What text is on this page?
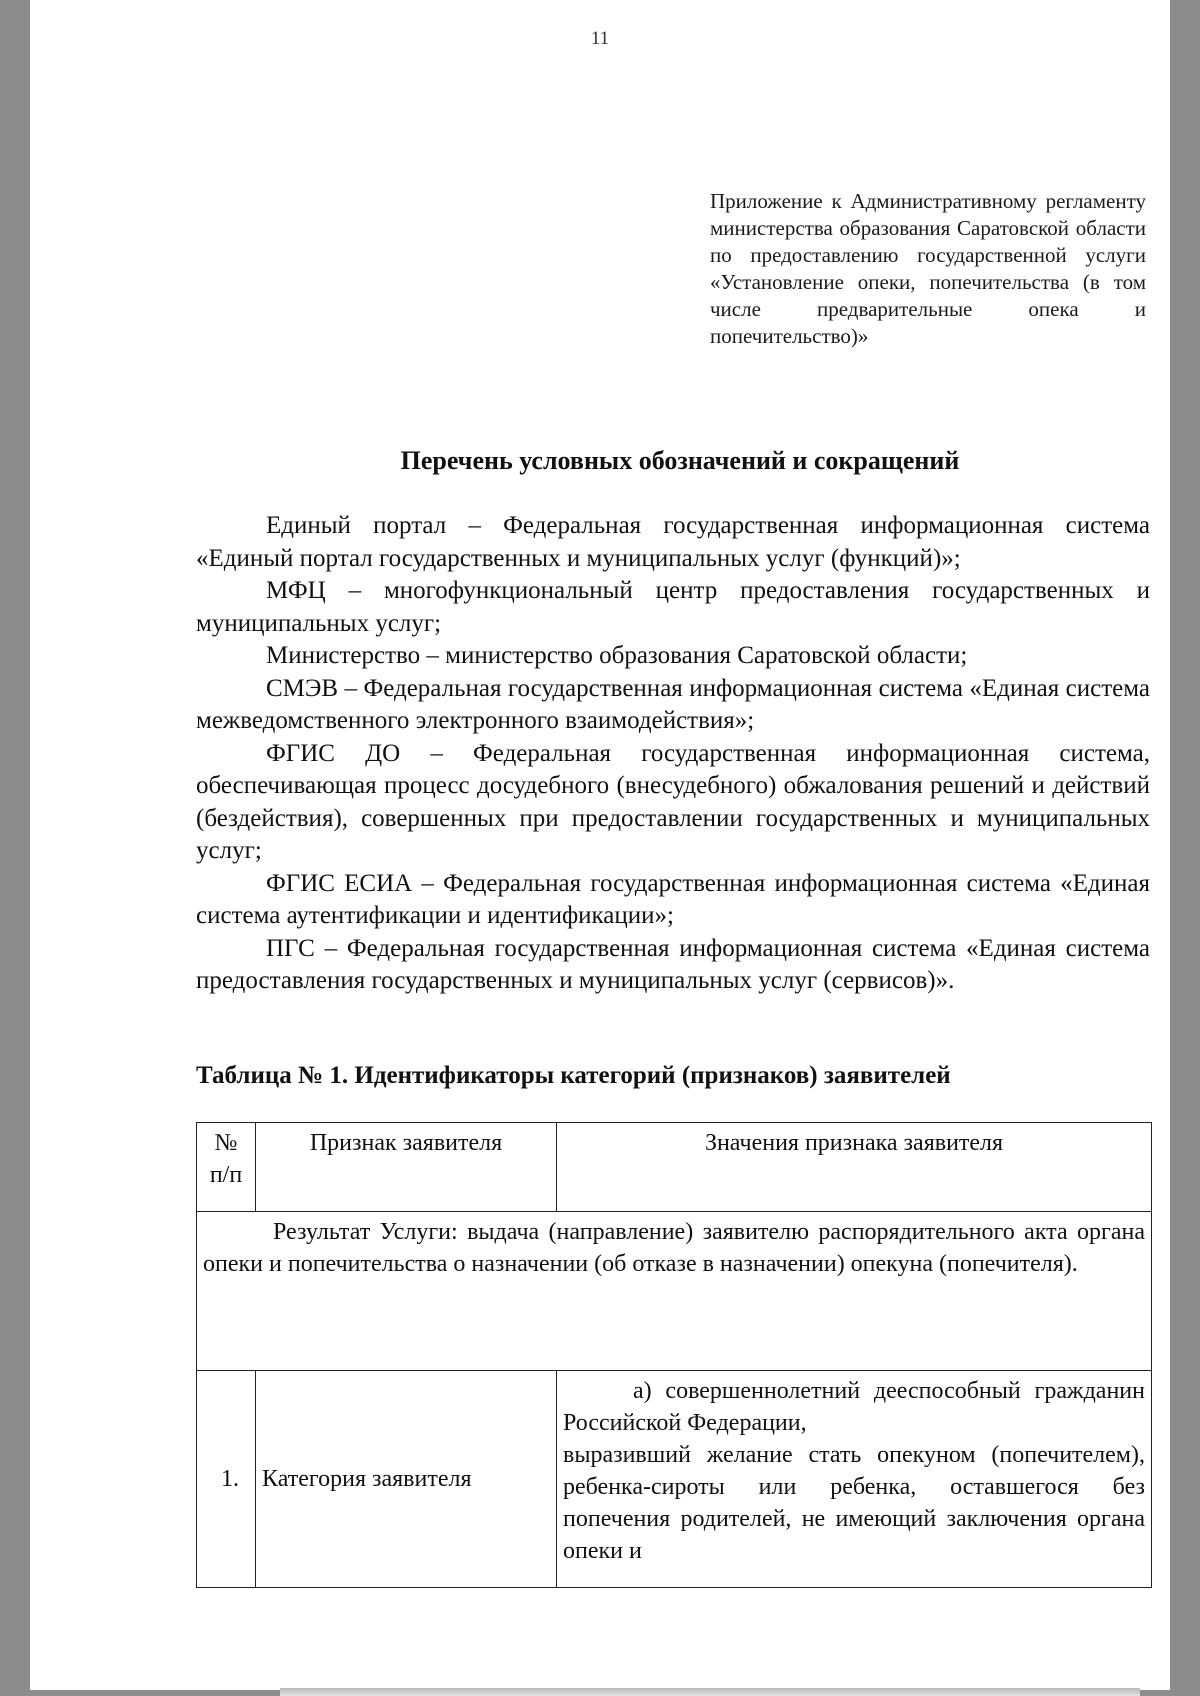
11
Приложение к Административному регламенту министерства образования Саратовской области по предоставлению государственной услуги «Установление опеки, попечительства (в том числе предварительные опека и попечительство)»
Перечень условных обозначений и сокращений

Единый портал – Федеральная государственная информационная система «Единый портал государственных и муниципальных услуг (функций)»;

МФЦ – многофункциональный центр предоставления государственных и муниципальных услуг;

Министерство – министерство образования Саратовской области;

СМЭВ – Федеральная государственная информационная система «Единая система межведомственного электронного взаимодействия»;

ФГИС ДО – Федеральная государственная информационная система, обеспечивающая процесс досудебного (внесудебного) обжалования решений и действий (бездействия), совершенных при предоставлении государственных и муниципальных услуг;

ФГИС ЕСИА – Федеральная государственная информационная система «Единая система аутентификации и идентификации»;

ПГС – Федеральная государственная информационная система «Единая система предоставления государственных и муниципальных услуг (сервисов)».

Таблица № 1. Идентификаторы категорий (признаков) заявителей
№ п/п	Признак заявителя	Значения признака заявителя

Результат Услуги: выдача (направление) заявителю распорядительного акта органа опеки и попечительства о назначении (об отказе в назначении) опекуна (попечителя).		

1.	Категория заявителя	а) совершеннолетний дееспособный гражданин Российской Федерации,
выразивший желание стать опекуном (попечителем), ребенка-сироты или ребенка, оставшегося без попечения родителей, не имеющий заключения органа опеки и
